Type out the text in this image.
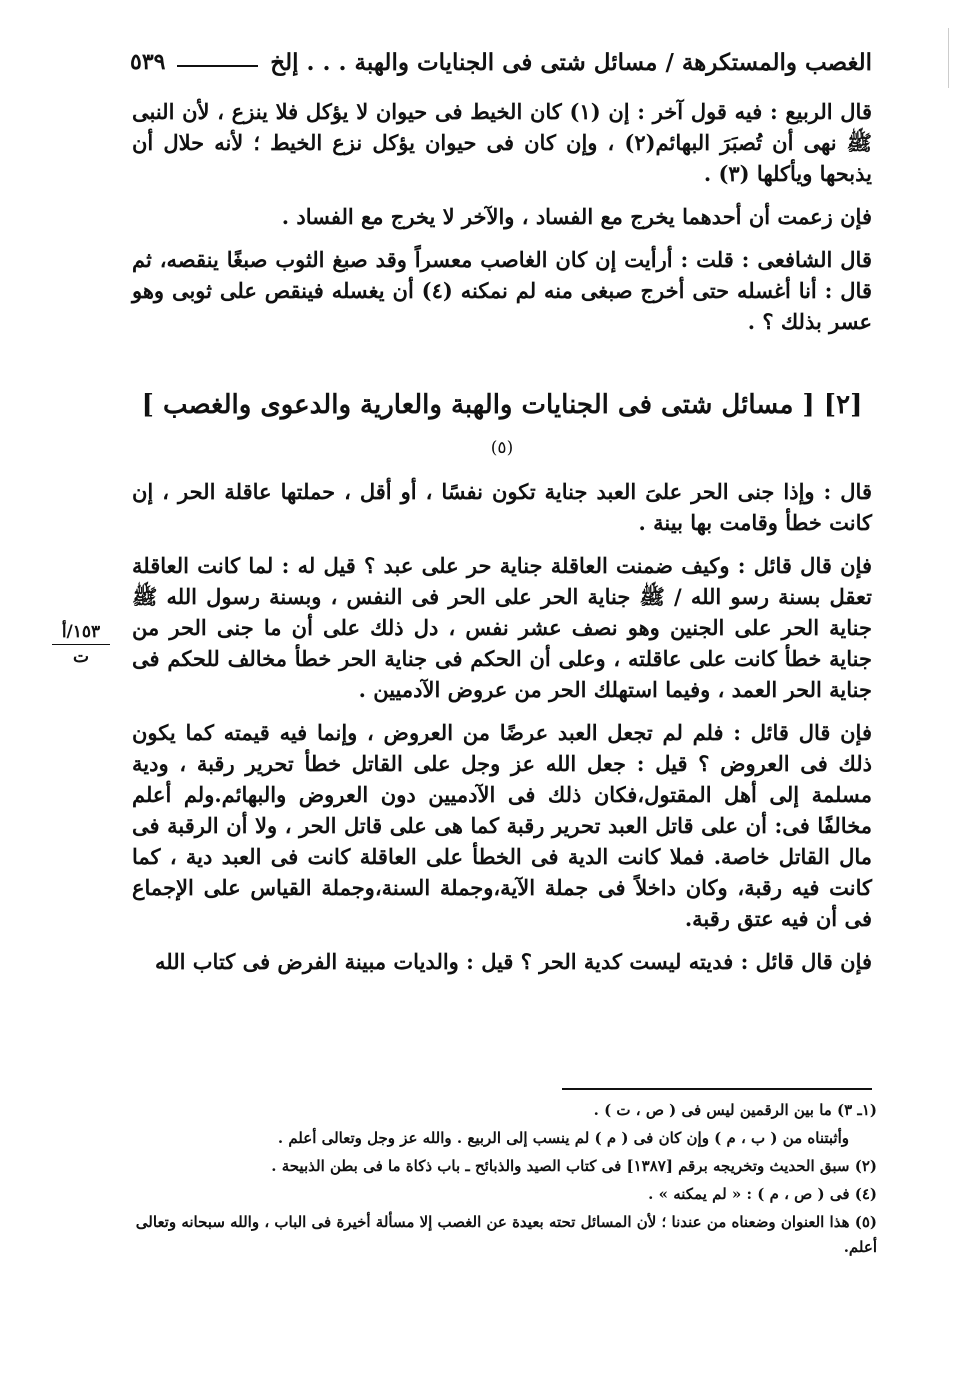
الغصب والمستكرهة / مسائل شتى فى الجنايات والهبة . . . إلخ
٥٣٩

قال الربيع : فيه قول آخر : إن (١) كان الخيط فى حيوان لا يؤكل فلا ينزع ، لأن النبى ﷺ نهى أن تُصبَرَ البهائم(٢) ، وإن كان فى حيوان يؤكل نزع الخيط ؛ لأنه حلال أن يذبحها ويأكلها (٣) .

فإن زعمت أن أحدهما يخرج مع الفساد ، والآخر لا يخرج مع الفساد .

قال الشافعى : قلت : أرأيت إن كان الغاصب معسراً وقد صبغ الثوب صبغًا ينقصه، ثم قال : أنا أغسله حتى أخرج صبغى منه لم نمكنه (٤) أن يغسله فينقص على ثوبى وهو عسر بذلك ؟ .

[٢] [ مسائل شتى فى الجنايات والهبة والعارية والدعوى والغصب ] (٥)

قال : وإذا جنى الحر علىَ العبد جناية تكون نفسًا ، أو أقل ، حملتها عاقلة الحر ، إن كانت خطأ وقامت بها بينة .

فإن قال قائل : وكيف ضمنت العاقلة جناية حر على عبد ؟ قيل له : لما كانت العاقلة تعقل بسنة رسو الله / ﷺ جناية الحر على الحر فى النفس ، وبسنة رسول الله ﷺ جناية الحر على الجنين وهو نصف عشر نفس ، دل ذلك على أن ما جنى الحر من جناية خطأ كانت على عاقلته ، وعلى أن الحكم فى جناية الحر خطأ مخالف للحكم فى جناية الحر العمد ، وفيما استهلك الحر من عروض الآدميين .

فإن قال قائل : فلم لم تجعل العبد عرضًا من العروض ، وإنما فيه قيمته كما يكون ذلك فى العروض ؟ قيل : جعل الله عز وجل على القاتل خطأ تحرير رقبة ، ودية مسلمة إلى أهل المقتول،فكان ذلك فى الآدميين دون العروض والبهائم.ولم أعلم مخالفًا فى: أن على قاتل العبد تحرير رقبة كما هى على قاتل الحر ، ولا أن الرقبة فى مال القاتل خاصة. فملا كانت الدية فى الخطأ على العاقلة كانت فى العبد دية ، كما كانت فيه رقبة، وكان داخلاً فى جملة الآية،وجملة السنة،وجملة القياس على الإجماع فى أن فيه عتق رقبة.

فإن قال قائل : فديته ليست كدية الحر ؟ قيل : والديات مبينة الفرض فى كتاب الله

١٥٣/أ
ت
(١ـ ٣) ما بين الرقمين ليس فى ( ص ، ت ) .
وأثبتناه من ( ب ، م ) وإن كان فى ( م ) لم ينسب إلى الربيع . والله عز وجل وتعالى أعلم .
(٢) سبق الحديث وتخريجه برقم [١٣٨٧] فى كتاب الصيد والذبائح ـ باب ذكاة ما فى بطن الذبيحة .
(٤) فى ( ص ، م ) : « لم يمكنه » .
(٥) هذا العنوان وضعناه من عندنا ؛ لأن المسائل تحته بعيدة عن الغصب إلا مسألة أخيرة فى الباب ، والله سبحانه وتعالى أعلم.
